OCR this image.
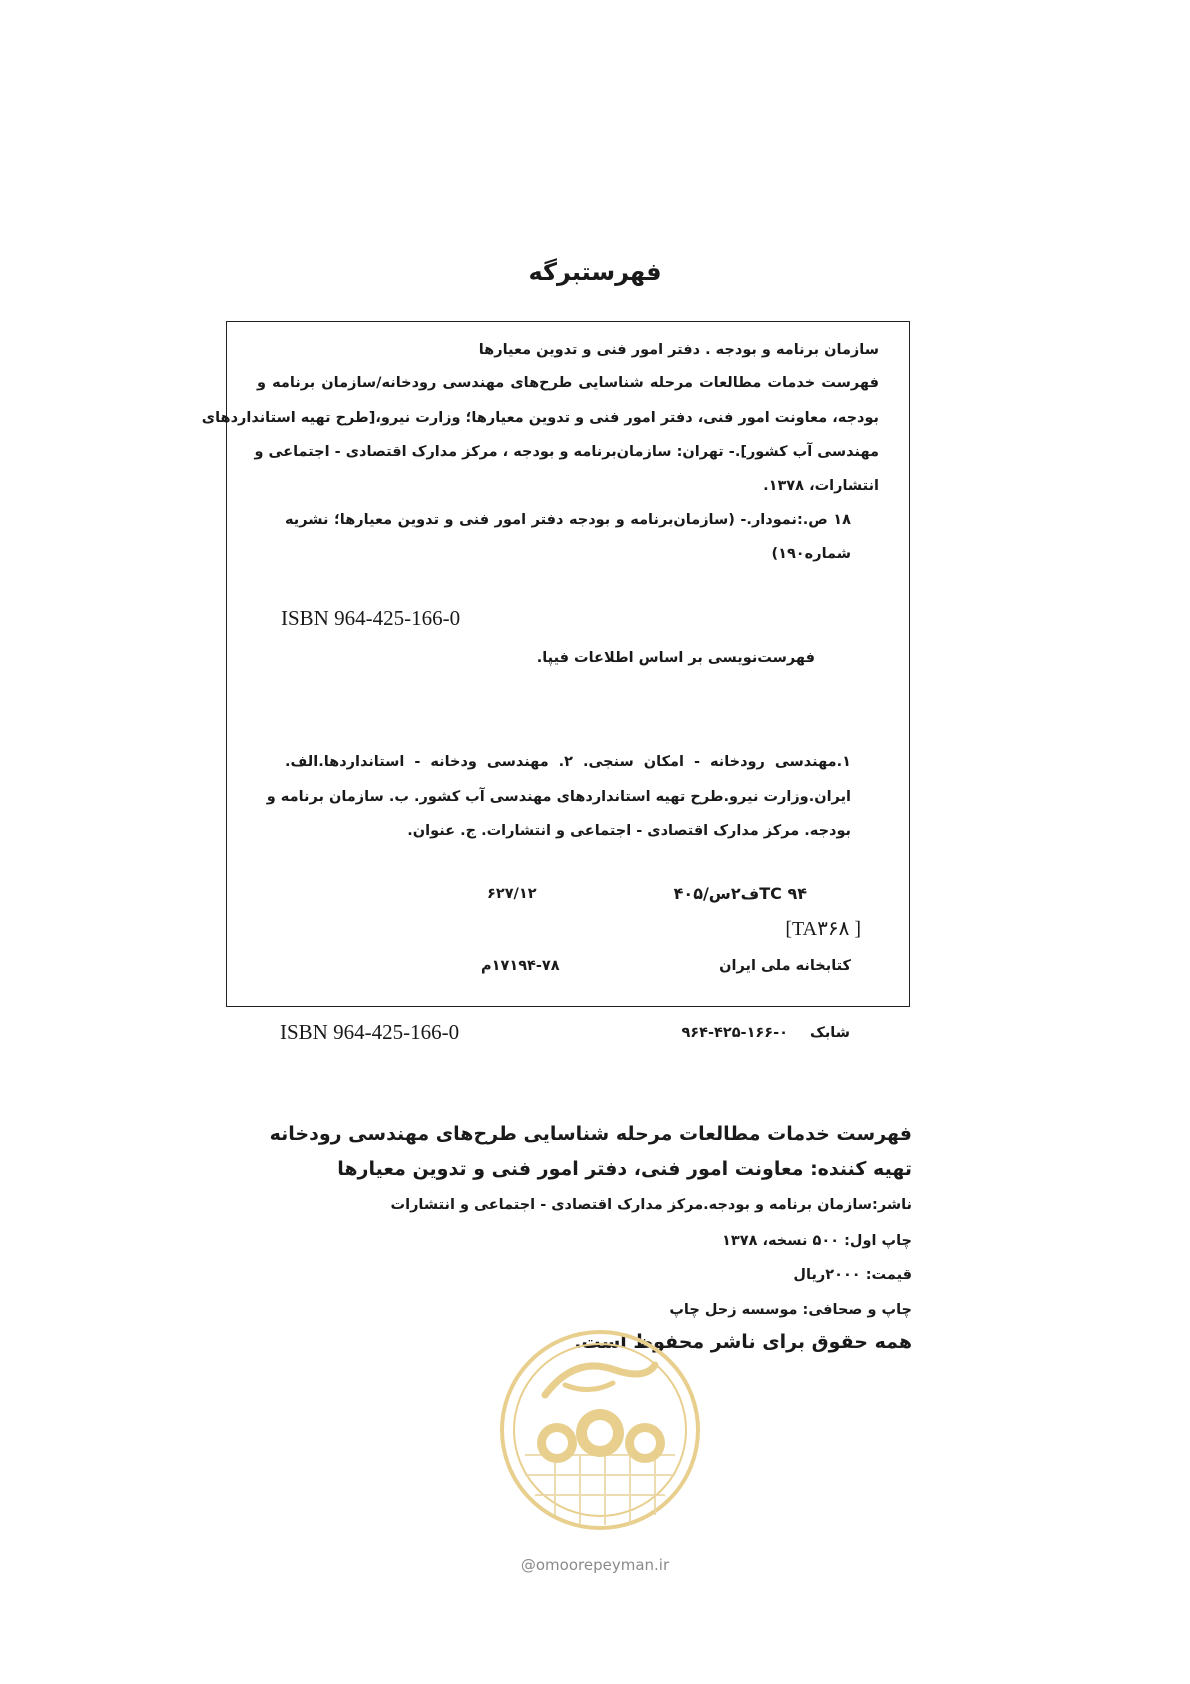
فهرستبرگه
سازمان برنامه و بودجه . دفتر امور فنی و تدوین معیارها
فهرست خدمات مطالعات مرحله شناسایی طرح‌های مهندسی رودخانه/سازمان برنامه و
بودجه، معاونت امور فنی، دفتر امور فنی و تدوین معیارها؛ وزارت نیرو،[طرح تهیه استانداردهای
مهندسی آب کشور].- تهران: سازمان‌برنامه و بودجه ، مرکز مدارک اقتصادی - اجتماعی و
انتشارات، ۱۳۷۸.
۱۸ ص.:نمودار.- (سازمان‌برنامه و بودجه دفتر امور فنی و تدوین معیارها؛ نشریه
شماره۱۹۰)
ISBN 964-425-166-0
فهرست‌نویسی بر اساس اطلاعات فیپا.
۱.مهندسی رودخانه - امکان سنجی. ۲. مهندسی ودخانه - استانداردها.الف.
ایران.وزارت نیرو.طرح تهیه استانداردهای مهندسی آب کشور. ب. سازمان برنامه و
بودجه. مرکز مدارک اقتصادی - اجتماعی و انتشارات. ج. عنوان.
TC ۹۴ف۲س/۴۰۵
۶۲۷/۱۲
[TA۳۶۸ ]
کتابخانه ملی ایران
۱۷۱۹۴-۷۸م
ISBN 964-425-166-0	شابک
۹۶۴-۴۲۵-۱۶۶-۰
فهرست خدمات مطالعات مرحله شناسایی طرح‌های مهندسی رودخانه
تهیه کننده: معاونت امور فنی، دفتر امور فنی و تدوین معیارها
ناشر:سازمان برنامه و بودجه.مرکز مدارک اقتصادی - اجتماعی و انتشارات
چاپ اول: ۵۰۰ نسخه، ۱۳۷۸
قیمت: ۲۰۰۰ریال
چاپ و صحافی: موسسه زحل چاپ
همه حقوق برای ناشر محفوظ است.
@omoorepeyman.ir
